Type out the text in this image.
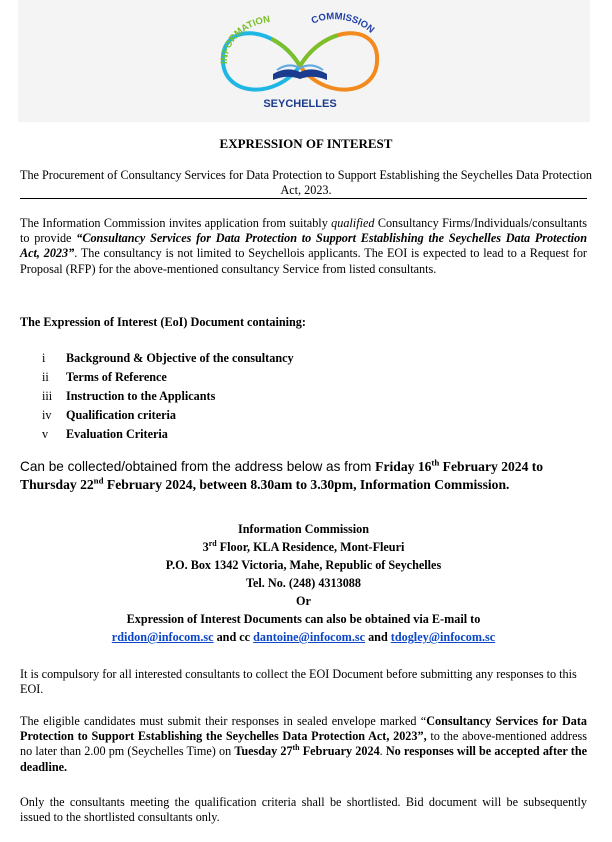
INFORMATION	COMMISSION
SEYCHELLES
EXPRESSION OF INTEREST
The Procurement of Consultancy Services for Data Protection to Support Establishing the Seychelles Data Protection Act, 2023.
The Information Commission invites application from suitably qualified Consultancy Firms/Individuals/consultants to provide “Consultancy Services for Data Protection to Support Establishing the Seychelles Data Protection Act, 2023”. The consultancy is not limited to Seychellois applicants. The EOI is expected to lead to a Request for Proposal (RFP) for the above-mentioned consultancy Service from listed consultants.
The Expression of Interest (EoI) Document containing:
i Background & Objective of the consultancy
ii Terms of Reference
iii Instruction to the Applicants
iv Qualification criteria
v Evaluation Criteria
Can be collected/obtained from the address below as from Friday 16th February 2024 to Thursday 22nd February 2024, between 8.30am to 3.30pm, Information Commission.
Information Commission
3rd Floor, KLA Residence, Mont-Fleuri
P.O. Box 1342 Victoria, Mahe, Republic of Seychelles
Tel. No. (248) 4313088
Or
Expression of Interest Documents can also be obtained via E-mail to
rdidon@infocom.sc and cc dantoine@infocom.sc and tdogley@infocom.sc
It is compulsory for all interested consultants to collect the EOI Document before submitting any responses to this EOI.
The eligible candidates must submit their responses in sealed envelope marked “Consultancy Services for Data Protection to Support Establishing the Seychelles Data Protection Act, 2023”, to the above-mentioned address no later than 2.00 pm (Seychelles Time) on Tuesday 27th February 2024. No responses will be accepted after the deadline.
Only the consultants meeting the qualification criteria shall be shortlisted. Bid document will be subsequently issued to the shortlisted consultants only.
